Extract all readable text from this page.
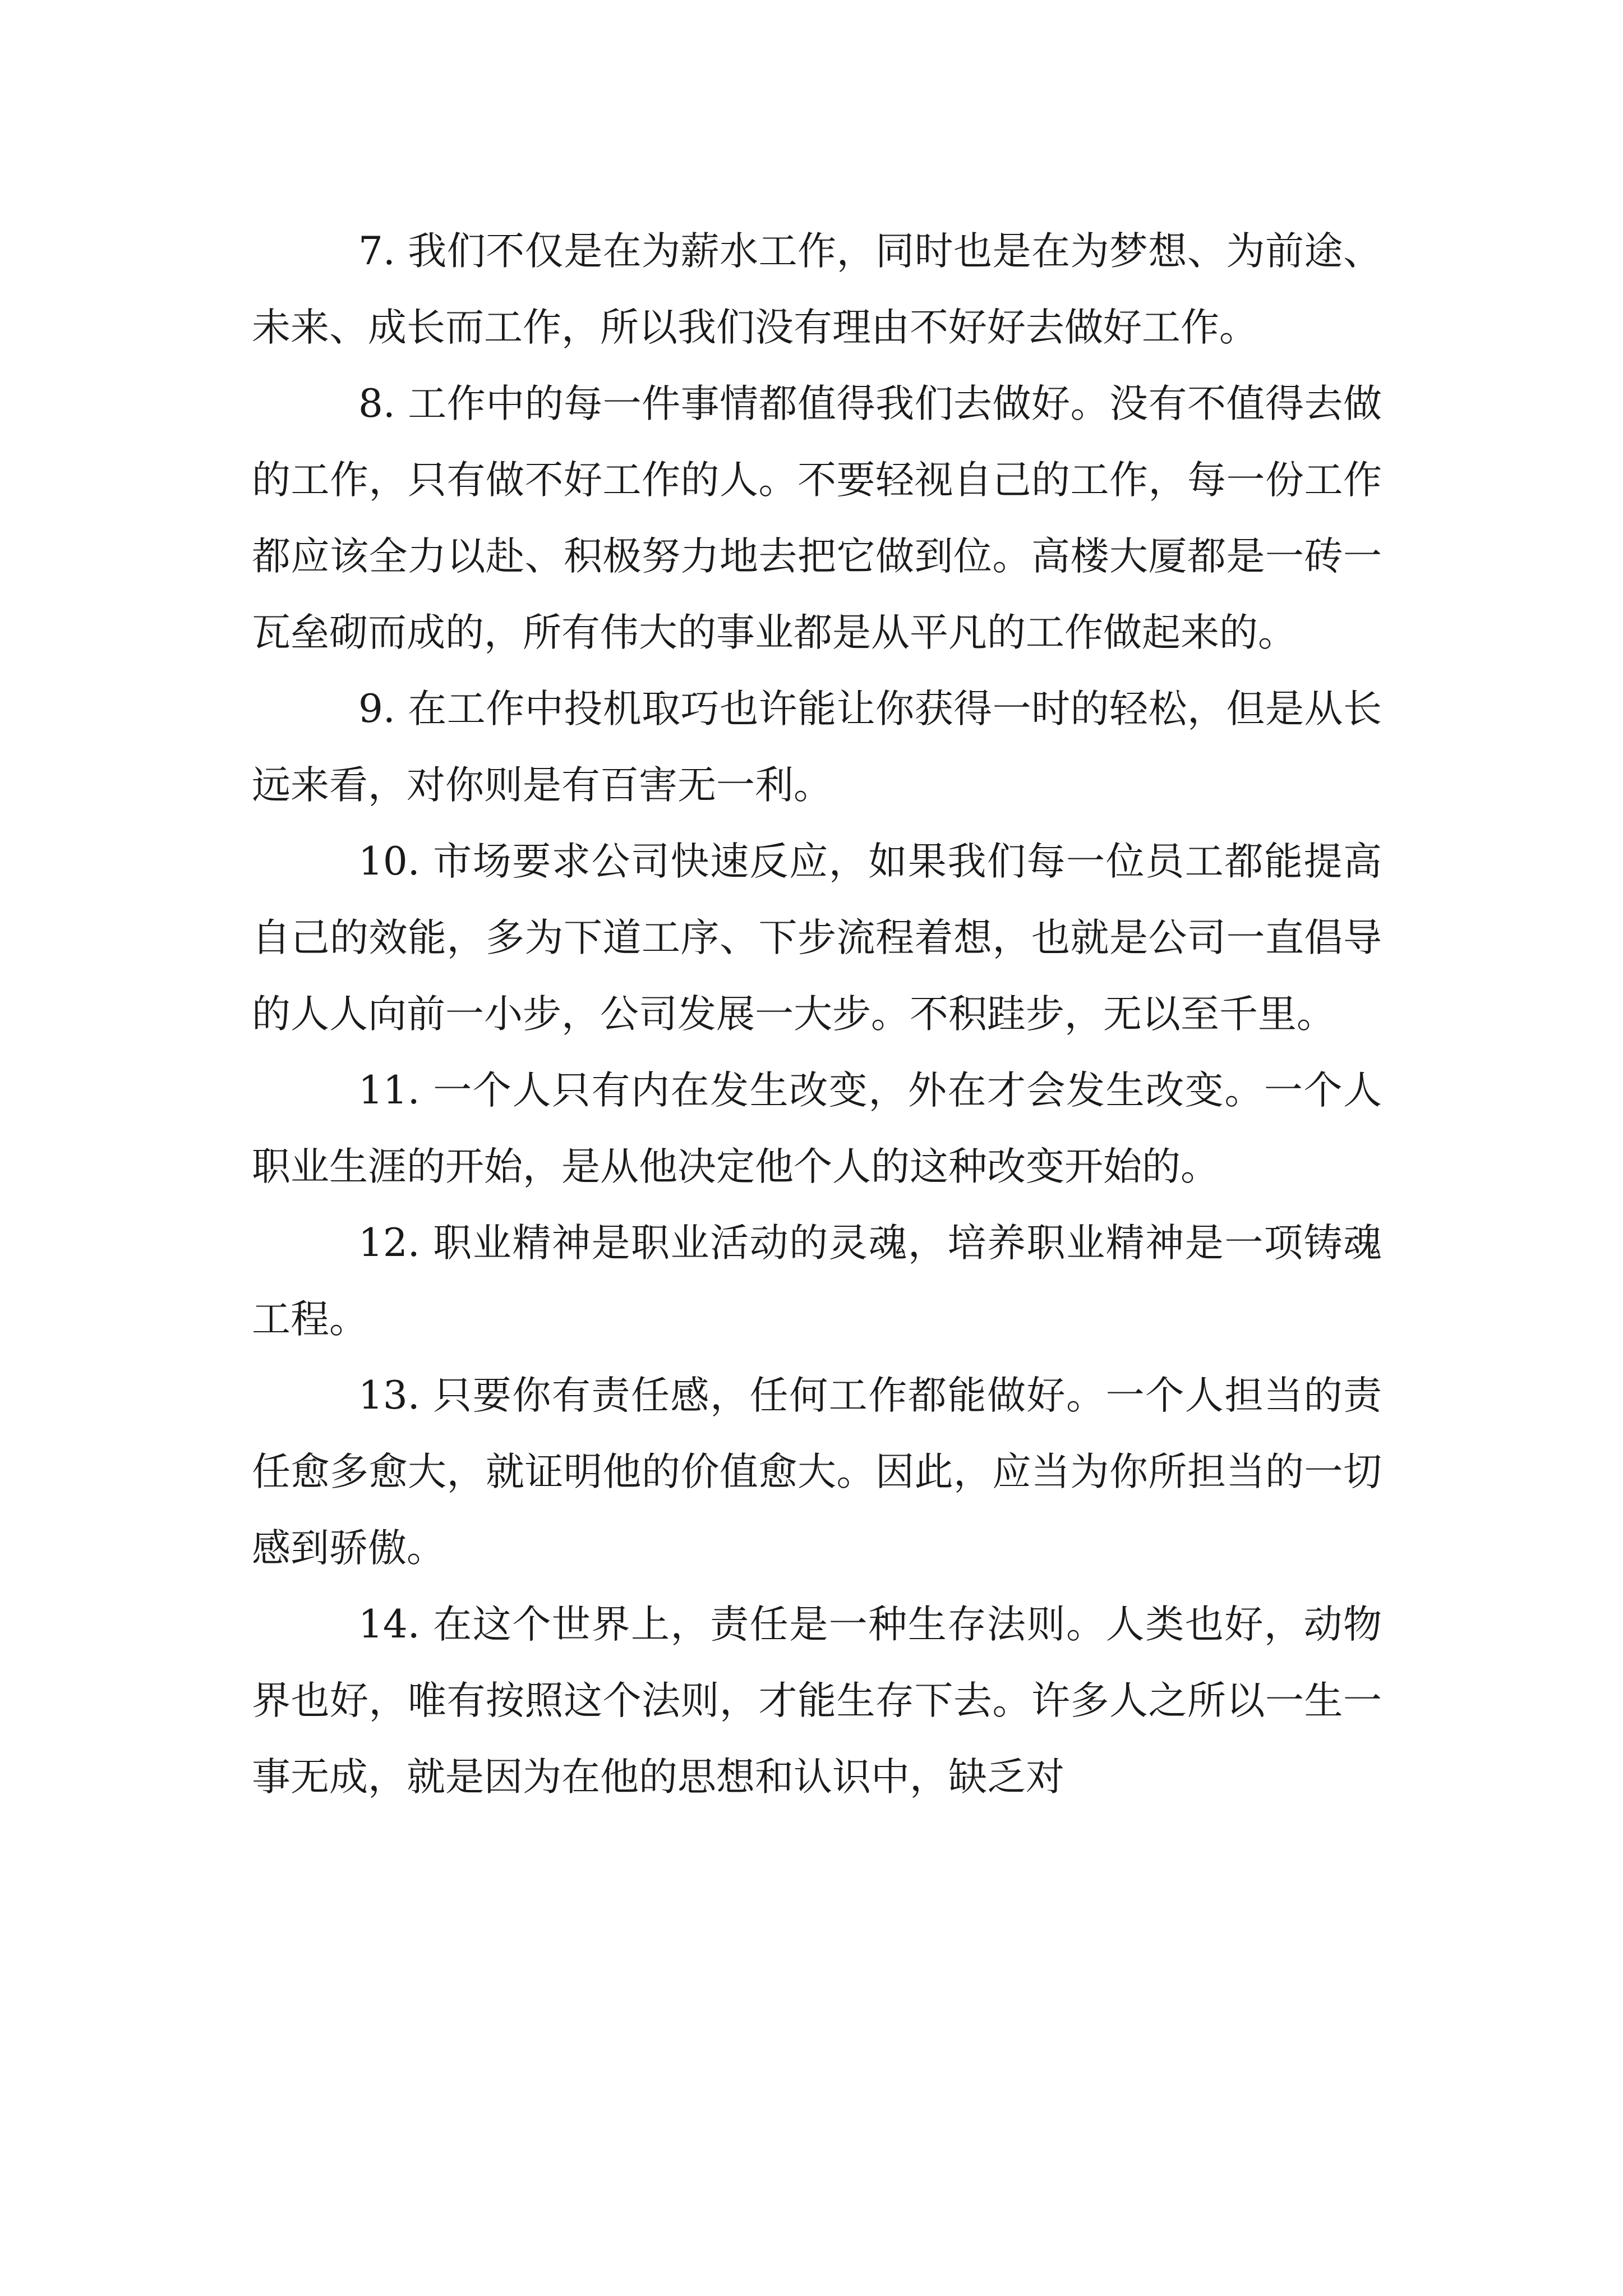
7. 我们不仅是在为薪水工作，同时也是在为梦想、为前途、未来、成长而工作，所以我们没有理由不好好去做好工作。

8. 工作中的每一件事情都值得我们去做好。没有不值得去做的工作，只有做不好工作的人。不要轻视自己的工作，每一份工作都应该全力以赴、积极努力地去把它做到位。高楼大厦都是一砖一瓦垒砌而成的，所有伟大的事业都是从平凡的工作做起来的。

9. 在工作中投机取巧也许能让你获得一时的轻松，但是从长远来看，对你则是有百害无一利。

10. 市场要求公司快速反应，如果我们每一位员工都能提高自己的效能，多为下道工序、下步流程着想，也就是公司一直倡导的人人向前一小步，公司发展一大步。不积跬步，无以至千里。

11. 一个人只有内在发生改变，外在才会发生改变。一个人职业生涯的开始，是从他决定他个人的这种改变开始的。

12. 职业精神是职业活动的灵魂，培养职业精神是一项铸魂工程。

13. 只要你有责任感，任何工作都能做好。一个人担当的责任愈多愈大，就证明他的价值愈大。因此，应当为你所担当的一切感到骄傲。

14. 在这个世界上，责任是一种生存法则。人类也好，动物界也好，唯有按照这个法则，才能生存下去。许多人之所以一生一事无成，就是因为在他的思想和认识中，缺乏对
